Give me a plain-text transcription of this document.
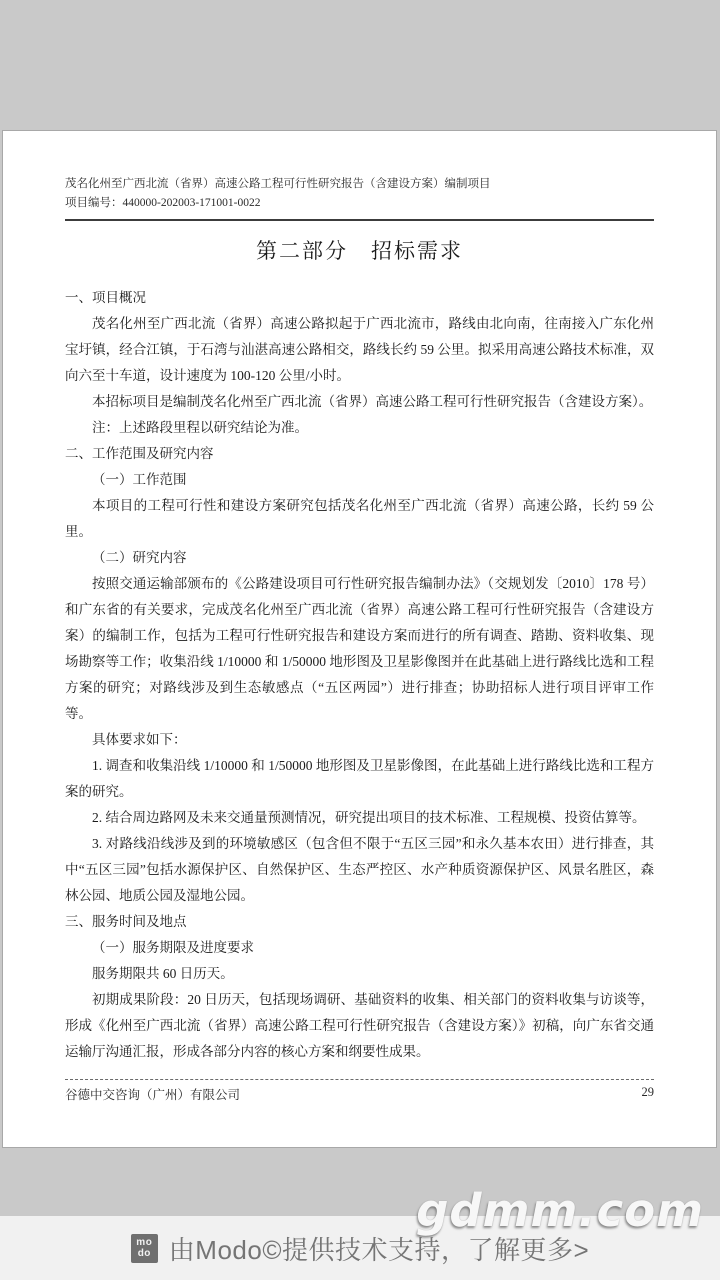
茂名化州至广西北流（省界）高速公路工程可行性研究报告（含建设方案）编制项目
项目编号：440000-202003-171001-0022
第二部分　招标需求

一、项目概况

茂名化州至广西北流（省界）高速公路拟起于广西北流市，路线由北向南，往南接入广东化州宝圩镇，经合江镇，于石湾与汕湛高速公路相交，路线长约 59 公里。拟采用高速公路技术标准，双向六至十车道，设计速度为 100-120 公里/小时。

本招标项目是编制茂名化州至广西北流（省界）高速公路工程可行性研究报告（含建设方案）。

注：上述路段里程以研究结论为准。

二、工作范围及研究内容

（一）工作范围

本项目的工程可行性和建设方案研究包括茂名化州至广西北流（省界）高速公路，长约 59 公里。

（二）研究内容

按照交通运输部颁布的《公路建设项目可行性研究报告编制办法》（交规划发〔2010〕178 号）和广东省的有关要求，完成茂名化州至广西北流（省界）高速公路工程可行性研究报告（含建设方案）的编制工作，包括为工程可行性研究报告和建设方案而进行的所有调查、踏勘、资料收集、现场勘察等工作；收集沿线 1/10000 和 1/50000 地形图及卫星影像图并在此基础上进行路线比选和工程方案的研究；对路线涉及到生态敏感点（“五区两园”）进行排查；协助招标人进行项目评审工作等。

具体要求如下：

1. 调查和收集沿线 1/10000 和 1/50000 地形图及卫星影像图，在此基础上进行路线比选和工程方案的研究。

2. 结合周边路网及未来交通量预测情况，研究提出项目的技术标准、工程规模、投资估算等。

3. 对路线沿线涉及到的环境敏感区（包含但不限于“五区三园”和永久基本农田）进行排查，其中“五区三园”包括水源保护区、自然保护区、生态严控区、水产种质资源保护区、风景名胜区，森林公园、地质公园及湿地公园。

三、服务时间及地点

（一）服务期限及进度要求

服务期限共 60 日历天。

初期成果阶段：20 日历天，包括现场调研、基础资料的收集、相关部门的资料收集与访谈等，形成《化州至广西北流（省界）高速公路工程可行性研究报告（含建设方案）》初稿，向广东省交通运输厅沟通汇报，形成各部分内容的核心方案和纲要性成果。

谷德中交咨询（广州）有限公司	29
gdmm.com
mo
do 由Modo©提供技术支持，了解更多>
